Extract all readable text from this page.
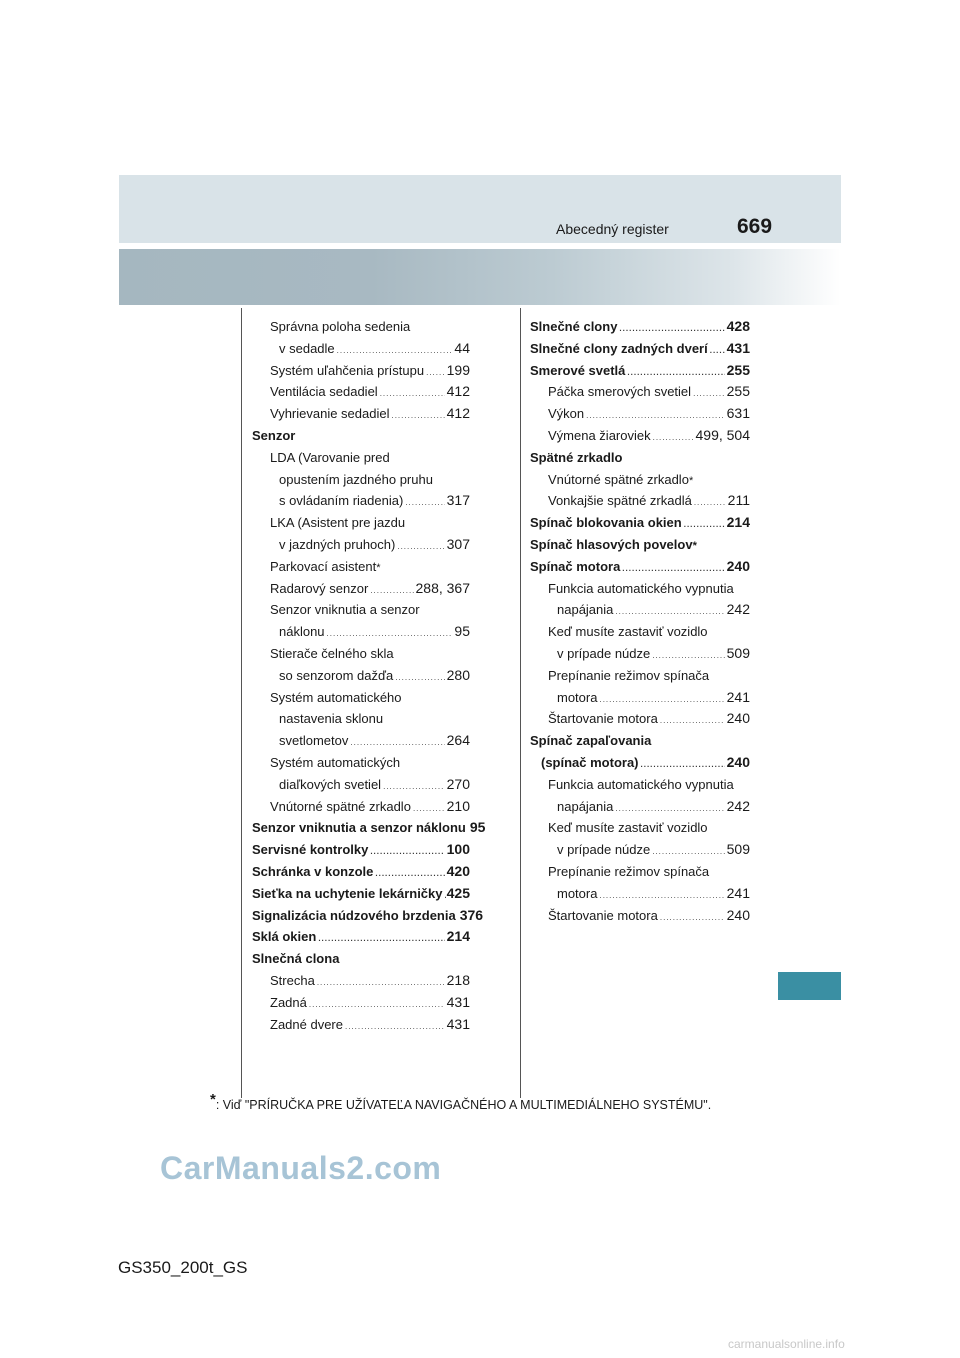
Abecedný register	669
Správna poloha sedenia
v sedadle .....	44
Systém uľahčenia prístupu ..... 199
Ventilácia sedadiel .....	412
Vyhrievanie sedadiel .....	412
Senzor
LDA (Varovanie pred
opustením jazdného pruhu
s ovládaním riadenia) .....	317
LKA (Asistent pre jazdu
v jazdných pruhoch) .....	307
Parkovací asistent *
Radarový senzor .....	288, 367
Senzor vniknutia a senzor
náklonu .....	95
Stierače čelného skla
so senzorom dažďa .....	280
Systém automatického
nastavenia sklonu
svetlometov .....	264
Systém automatických
diaľkových svetiel .....	270
Vnútorné spätné zrkadlo .....	210
Senzor vniknutia a senzor náklonu 95
Servisné kontrolky .....	100
Schránka v konzole .....	420
Sieťka na uchytenie lekárničky ..... 425
Signalizácia núdzového brzdenia 376
Sklá okien .....	214
Slnečná clona
Strecha .....	218
Zadná .....	431
Zadné dvere .....	431
Slnečné clony .....	428
Slnečné clony zadných dverí ..... 431
Smerové svetlá .....	255
Páčka smerových svetiel .....	255
Výkon .....	631
Výmena žiaroviek .....	499, 504
Spätné zrkadlo
Vnútorné spätné zrkadlo *
Vonkajšie spätné zrkadlá .....	211
Spínač blokovania okien .....	214
Spínač hlasových povelov *
Spínač motora .....	240
Funkcia automatického vypnutia
napájania .....	242
Keď musíte zastaviť vozidlo
v prípade núdze .....	509
Prepínanie režimov spínača
motora .....	241
Štartovanie motora .....	240
Spínač zapaľovania
(spínač motora) .....	240
Funkcia automatického vypnutia
napájania .....	242
Keď musíte zastaviť vozidlo
v prípade núdze .....	509
Prepínanie režimov spínača
motora .....	241
Štartovanie motora .....	240
*: Viď "PRÍRUČKA PRE UŽÍVATEĽA NAVIGAČNÉHO A MULTIMEDIÁLNEHO SYSTÉMU".
CarManuals2.com
GS350_200t_GS
carmanualsonline.info
